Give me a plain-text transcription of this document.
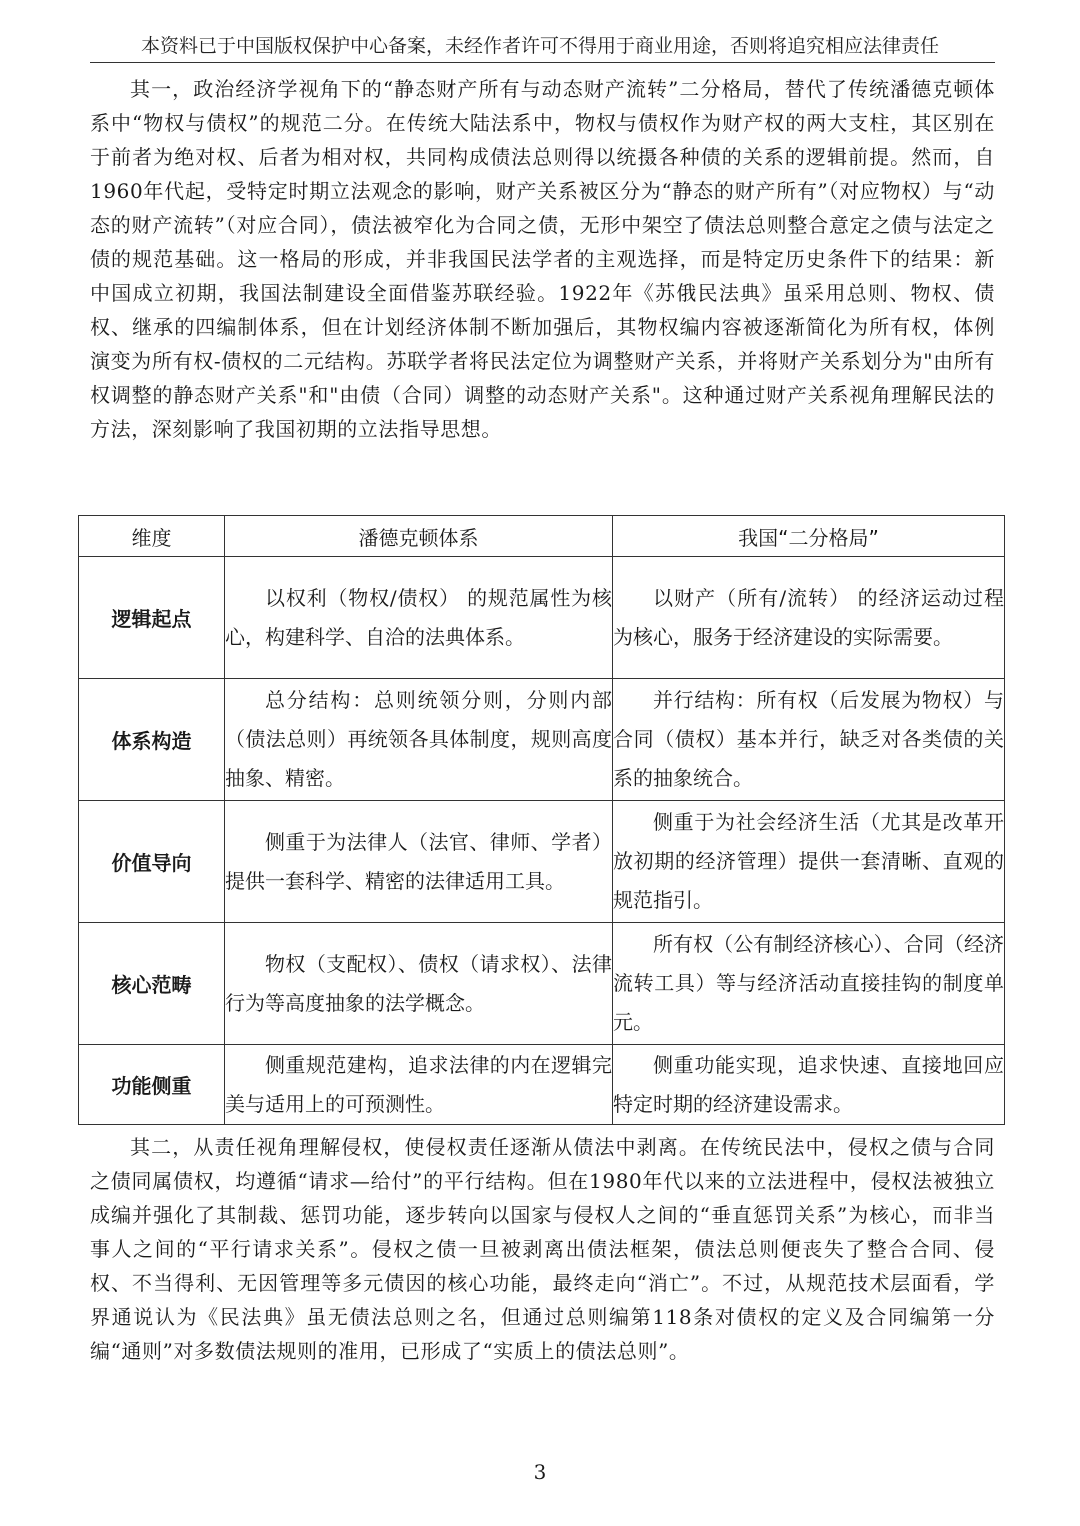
本资料已于中国版权保护中心备案，未经作者许可不得用于商业用途，否则将追究相应法律责任

其一，政治经济学视角下的“静态财产所有与动态财产流转”二分格局，替代了传统潘德克顿体系中“物权与债权”的规范二分。在传统大陆法系中，物权与债权作为财产权的两大支柱，其区别在于前者为绝对权、后者为相对权，共同构成债法总则得以统摄各种债的关系的逻辑前提。然而，自1960年代起，受特定时期立法观念的影响，财产关系被区分为“静态的财产所有”（对应物权）与“动态的财产流转”（对应合同），债法被窄化为合同之债，无形中架空了债法总则整合意定之债与法定之债的规范基础。这一格局的形成，并非我国民法学者的主观选择，而是特定历史条件下的结果：新中国成立初期，我国法制建设全面借鉴苏联经验。1922年《苏俄民法典》虽采用总则、物权、债权、继承的四编制体系，但在计划经济体制不断加强后，其物权编内容被逐渐简化为所有权，体例演变为所有权-债权的二元结构。苏联学者将民法定位为调整财产关系，并将财产关系划分为"由所有权调整的静态财产关系"和"由债（合同）调整的动态财产关系"。这种通过财产关系视角理解民法的方法，深刻影响了我国初期的立法指导思想。

维度	潘德克顿体系	我国“二分格局”
逻辑起点	以权利（物权/债权） 的规范属性为核心，构建科学、自洽的法典体系。	以财产（所有/流转） 的经济运动过程为核心，服务于经济建设的实际需要。
体系构造	总分结构：总则统领分则，分则内部（债法总则）再统领各具体制度，规则高度抽象、精密。	并行结构：所有权（后发展为物权）与合同（债权）基本并行，缺乏对各类债的关系的抽象统合。
价值导向	侧重于为法律人（法官、律师、学者）提供一套科学、精密的法律适用工具。	侧重于为社会经济生活（尤其是改革开放初期的经济管理）提供一套清晰、直观的规范指引。
核心范畴	物权（支配权）、债权（请求权）、法律行为等高度抽象的法学概念。	所有权（公有制经济核心）、合同（经济流转工具）等与经济活动直接挂钩的制度单元。
功能侧重	侧重规范建构，追求法律的内在逻辑完美与适用上的可预测性。	侧重功能实现，追求快速、直接地回应特定时期的经济建设需求。

其二，从责任视角理解侵权，使侵权责任逐渐从债法中剥离。在传统民法中，侵权之债与合同之债同属债权，均遵循“请求—给付”的平行结构。但在1980年代以来的立法进程中，侵权法被独立成编并强化了其制裁、惩罚功能，逐步转向以国家与侵权人之间的“垂直惩罚关系”为核心，而非当事人之间的“平行请求关系”。侵权之债一旦被剥离出债法框架，债法总则便丧失了整合合同、侵权、不当得利、无因管理等多元债因的核心功能，最终走向“消亡”。不过，从规范技术层面看，学界通说认为《民法典》虽无债法总则之名，但通过总则编第118条对债权的定义及合同编第一分编“通则”对多数债法规则的准用，已形成了“实质上的债法总则”。

3
